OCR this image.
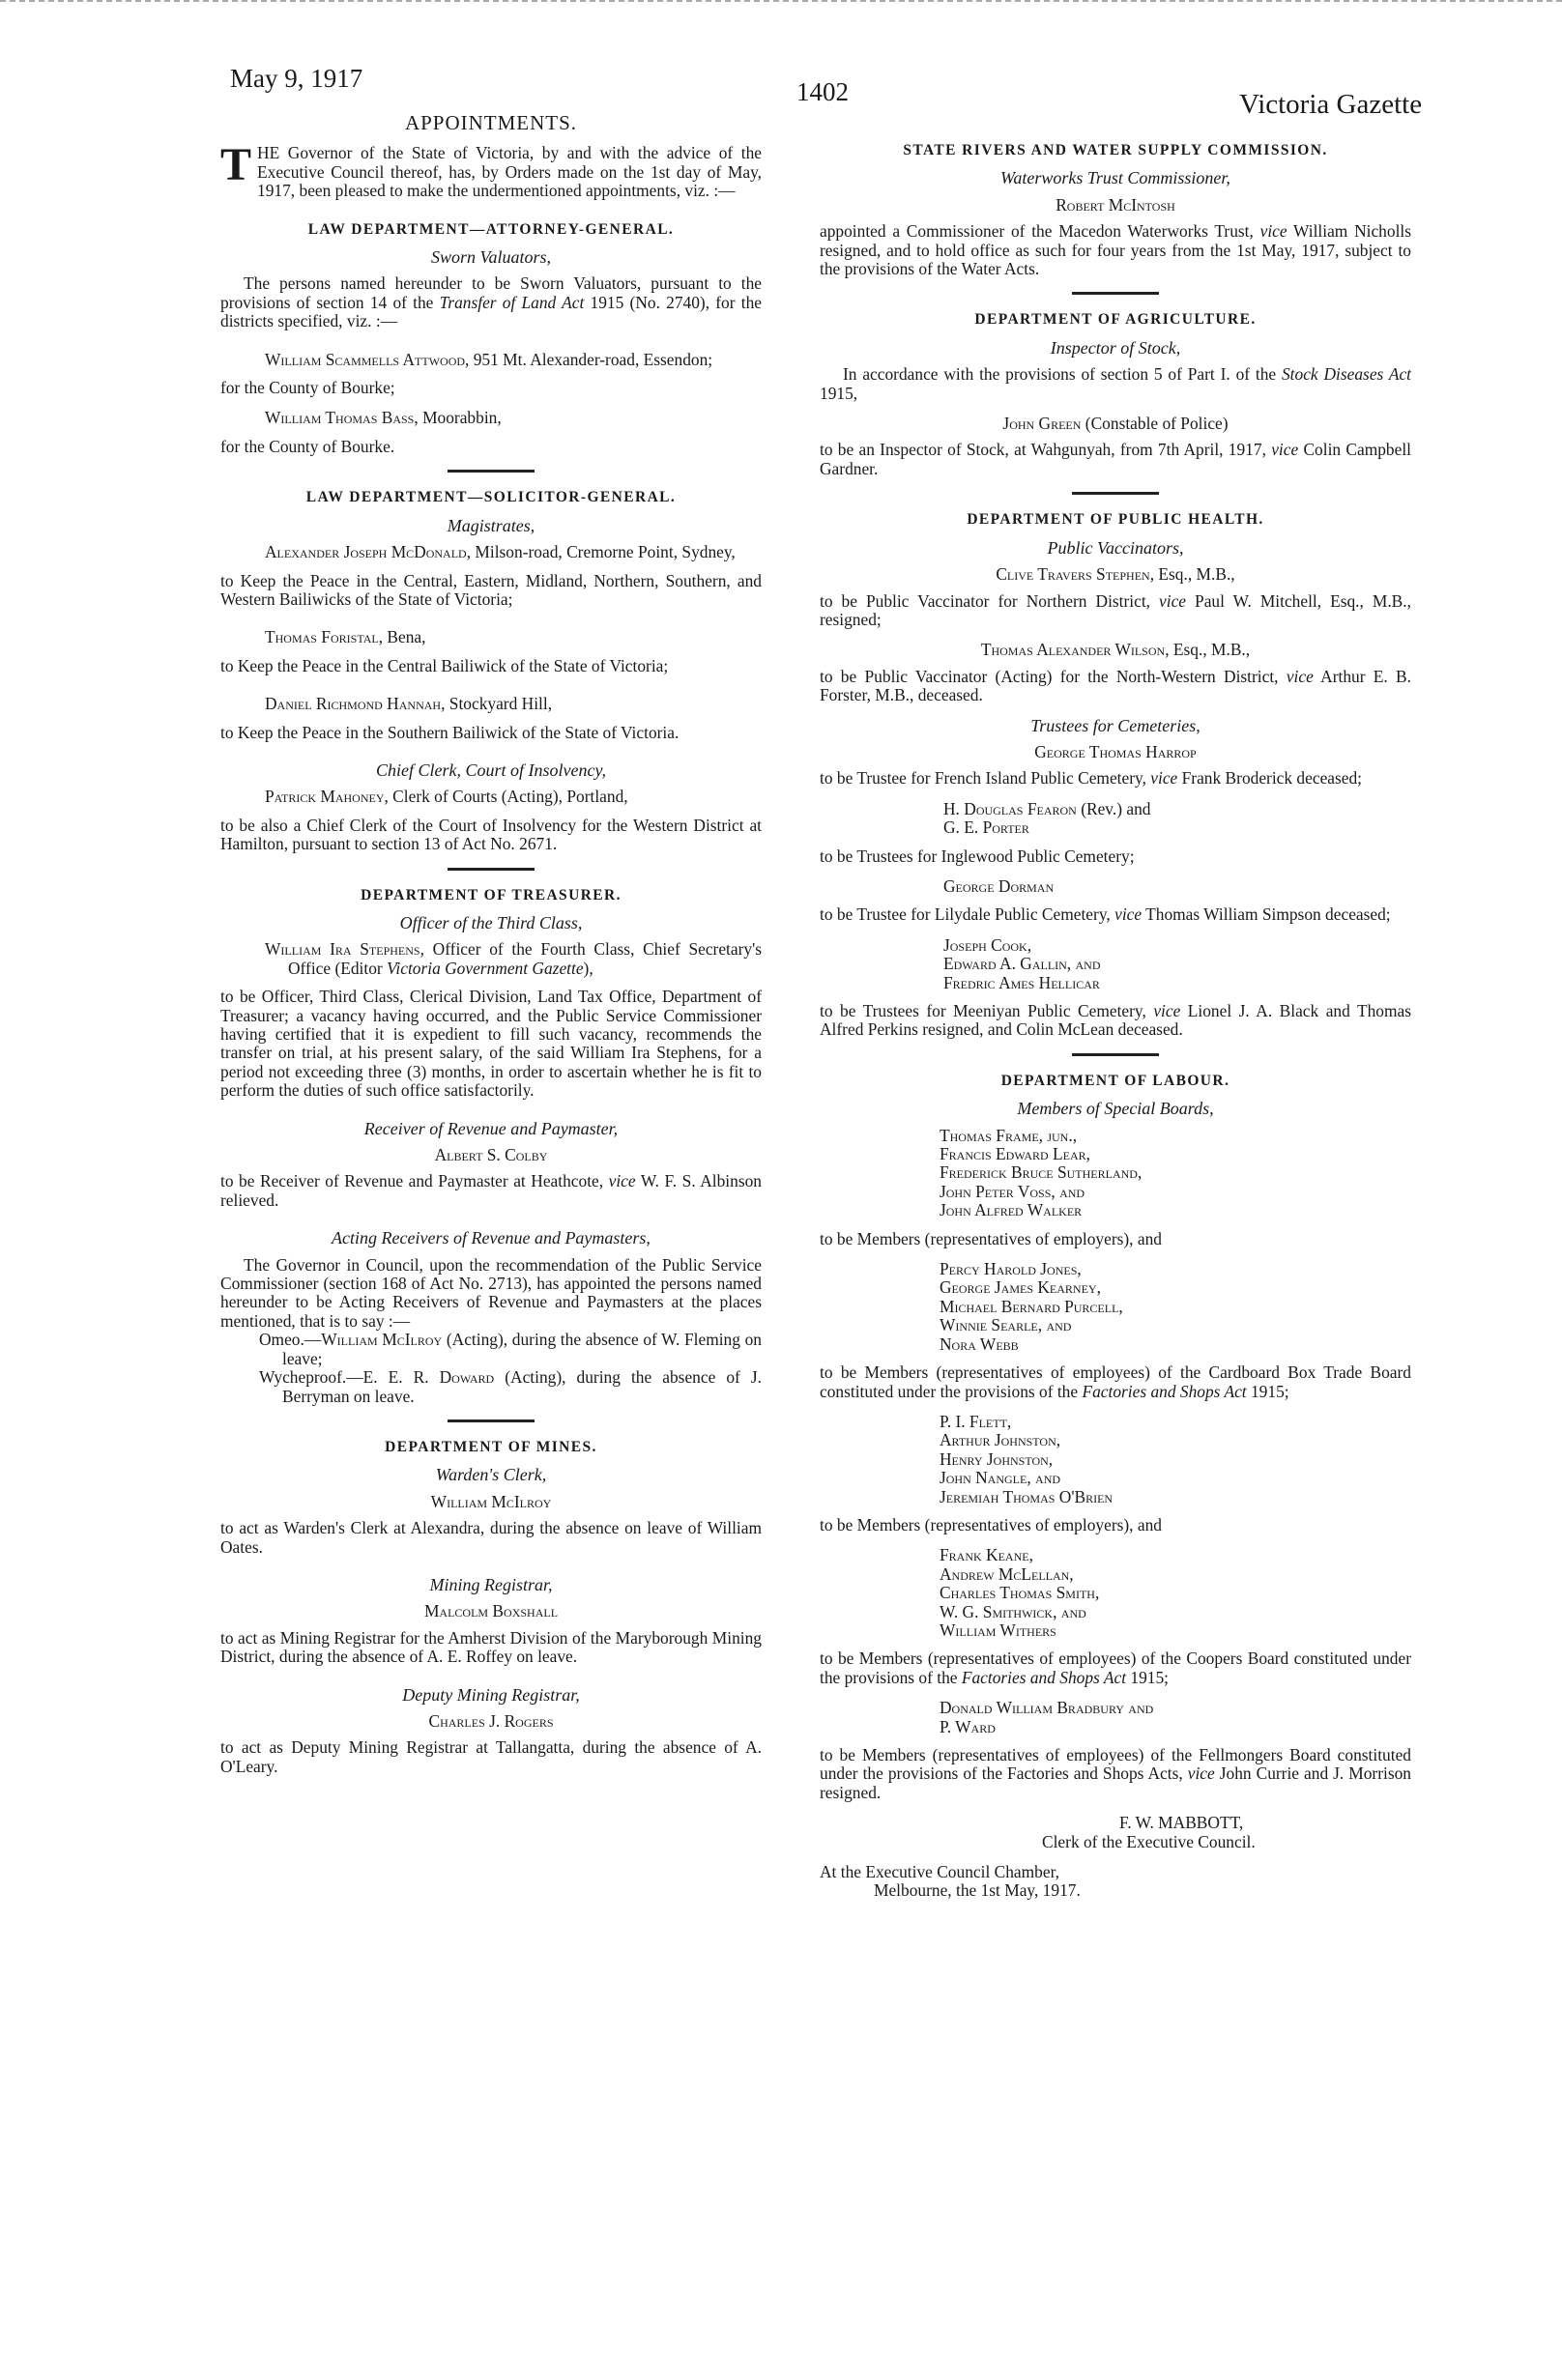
May 9, 1917	1402	Victoria Gazette
APPOINTMENTS.

THE Governor of the State of Victoria, by and with the advice of the Executive Council thereof, has, by Orders made on the 1st day of May, 1917, been pleased to make the undermentioned appointments, viz. :—

LAW DEPARTMENT—ATTORNEY-GENERAL.
Sworn Valuators,

The persons named hereunder to be Sworn Valuators, pursuant to the provisions of section 14 of the Transfer of Land Act 1915 (No. 2740), for the districts specified, viz. :—

William Scammells Attwood, 951 Mt. Alexander-road, Essendon;

for the County of Bourke;

William Thomas Bass, Moorabbin,

for the County of Bourke.

LAW DEPARTMENT—SOLICITOR-GENERAL.
Magistrates,

Alexander Joseph McDonald, Milson-road, Cremorne Point, Sydney,

to Keep the Peace in the Central, Eastern, Midland, Northern, Southern, and Western Bailiwicks of the State of Victoria;

Thomas Foristal, Bena,

to Keep the Peace in the Central Bailiwick of the State of Victoria;

Daniel Richmond Hannah, Stockyard Hill,

to Keep the Peace in the Southern Bailiwick of the State of Victoria.

Chief Clerk, Court of Insolvency,

Patrick Mahoney, Clerk of Courts (Acting), Portland,

to be also a Chief Clerk of the Court of Insolvency for the Western District at Hamilton, pursuant to section 13 of Act No. 2671.

DEPARTMENT OF TREASURER.
Officer of the Third Class,

William Ira Stephens, Officer of the Fourth Class, Chief Secretary's Office (Editor Victoria Government Gazette),

to be Officer, Third Class, Clerical Division, Land Tax Office, Department of Treasurer; a vacancy having occurred, and the Public Service Commissioner having certified that it is expedient to fill such vacancy, recommends the transfer on trial, at his present salary, of the said William Ira Stephens, for a period not exceeding three (3) months, in order to ascertain whether he is fit to perform the duties of such office satisfactorily.

Receiver of Revenue and Paymaster,
Albert S. Colby

to be Receiver of Revenue and Paymaster at Heathcote, vice W. F. S. Albinson relieved.

Acting Receivers of Revenue and Paymasters,

The Governor in Council, upon the recommendation of the Public Service Commissioner (section 168 of Act No. 2713), has appointed the persons named hereunder to be Acting Receivers of Revenue and Paymasters at the places mentioned, that is to say :—

Omeo.—William McIlroy (Acting), during the absence of W. Fleming on leave;

Wycheproof.—E. E. R. Doward (Acting), during the absence of J. Berryman on leave.

DEPARTMENT OF MINES.
Warden's Clerk,
William McIlroy

to act as Warden's Clerk at Alexandra, during the absence on leave of William Oates.

Mining Registrar,
Malcolm Boxshall

to act as Mining Registrar for the Amherst Division of the Maryborough Mining District, during the absence of A. E. Roffey on leave.

Deputy Mining Registrar,
Charles J. Rogers

to act as Deputy Mining Registrar at Tallangatta, during the absence of A. O'Leary.

STATE RIVERS AND WATER SUPPLY COMMISSION.
Waterworks Trust Commissioner,
Robert McIntosh

appointed a Commissioner of the Macedon Waterworks Trust, vice William Nicholls resigned, and to hold office as such for four years from the 1st May, 1917, subject to the provisions of the Water Acts.

DEPARTMENT OF AGRICULTURE.
Inspector of Stock,

In accordance with the provisions of section 5 of Part I. of the Stock Diseases Act 1915,

John Green (Constable of Police)

to be an Inspector of Stock, at Wahgunyah, from 7th April, 1917, vice Colin Campbell Gardner.

DEPARTMENT OF PUBLIC HEALTH.
Public Vaccinators,
Clive Travers Stephen, Esq., M.B.,

to be Public Vaccinator for Northern District, vice Paul W. Mitchell, Esq., M.B., resigned;

Thomas Alexander Wilson, Esq., M.B.,

to be Public Vaccinator (Acting) for the North-Western District, vice Arthur E. B. Forster, M.B., deceased.

Trustees for Cemeteries,
George Thomas Harrop

to be Trustee for French Island Public Cemetery, vice Frank Broderick deceased;

H. Douglas Fearon (Rev.) and
G. E. Porter

to be Trustees for Inglewood Public Cemetery;

George Dorman

to be Trustee for Lilydale Public Cemetery, vice Thomas William Simpson deceased;

Joseph Cook,
Edward A. Gallin, and
Fredric Ames Hellicar

to be Trustees for Meeniyan Public Cemetery, vice Lionel J. A. Black and Thomas Alfred Perkins resigned, and Colin McLean deceased.

DEPARTMENT OF LABOUR.
Members of Special Boards,
Thomas Frame, jun.,
Francis Edward Lear,
Frederick Bruce Sutherland,
John Peter Voss, and
John Alfred Walker

to be Members (representatives of employers), and

Percy Harold Jones,
George James Kearney,
Michael Bernard Purcell,
Winnie Searle, and
Nora Webb

to be Members (representatives of employees) of the Cardboard Box Trade Board constituted under the provisions of the Factories and Shops Act 1915;

P. I. Flett,
Arthur Johnston,
Henry Johnston,
John Nangle, and
Jeremiah Thomas O'Brien

to be Members (representatives of employers), and

Frank Keane,
Andrew McLellan,
Charles Thomas Smith,
W. G. Smithwick, and
William Withers

to be Members (representatives of employees) of the Coopers Board constituted under the provisions of the Factories and Shops Act 1915;

Donald William Bradbury and
P. Ward

to be Members (representatives of employees) of the Fellmongers Board constituted under the provisions of the Factories and Shops Acts, vice John Currie and J. Morrison resigned.

F. W. MABBOTT,

Clerk of the Executive Council.

At the Executive Council Chamber,

Melbourne, the 1st May, 1917.
